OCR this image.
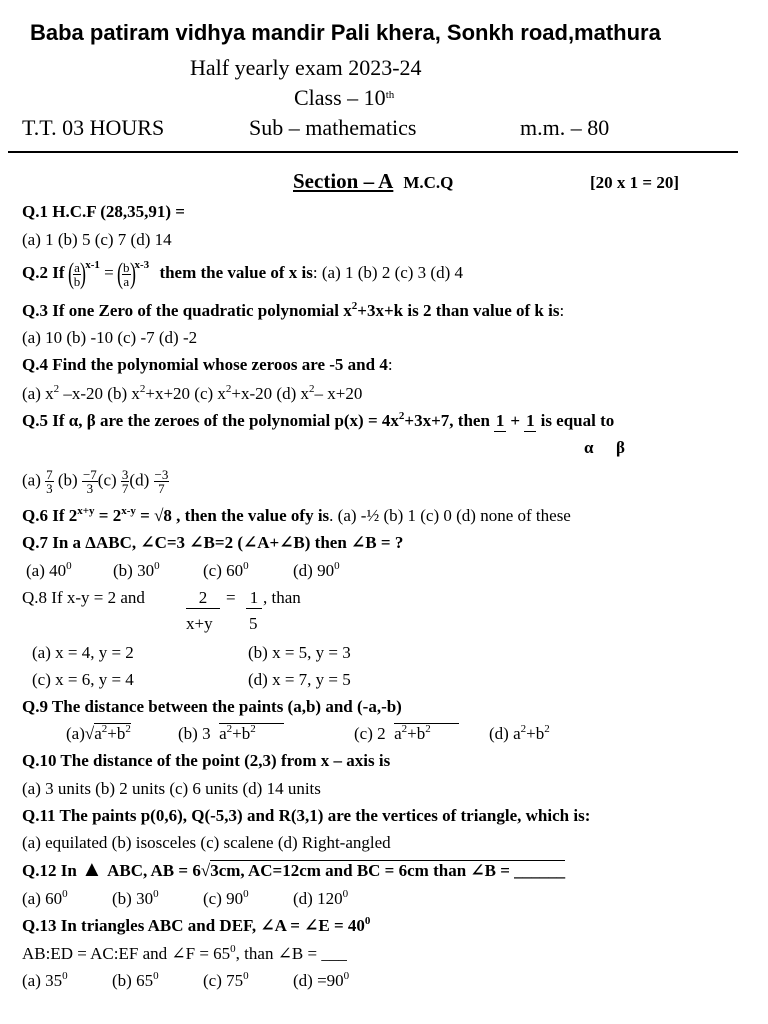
Baba patiram vidhya mandir Pali khera, Sonkh road,mathura
Half yearly exam 2023-24
Class – 10th
T.T. 03 HOURS	Sub – mathematics	m.m. – 80
Section – A M.C.Q	[20 x 1 = 20]
Q.1 H.C.F (28,35,91) =
(a) 1 (b) 5 (c) 7 (d) 14
Q.2 If ( $\frac{a}{b} )^{x-1}$ = ( $\frac{b}{a} )^{x-3}$ them the value of x is: (a) 1 (b) 2 (c) 3 (d) 4
Q.3 If one Zero of the quadratic polynomial $x^2+3x+k$ is 2 than value of k is:
(a) 10 (b) -10 (c) -7 (d) -2
Q.4 Find the polynomial whose zeroos are -5 and 4:
(a) $x^2$ –x-20 (b) $x^2+x+20$ (c) $x^2+x-20$ (d) $x^2-$ x+20
Q.5 If α, β are the zeroes of the polynomial $p(x) = 4x^2+3x+7$, then 1 + 1 is equal to
α β
$(a) \frac{7}{3} (b) \frac{-7}{3} (c) \frac{3}{7} (d) \frac{-3}{7}$
Q.6 If $2^{x+y} = 2^{x-y} = √8$ , then the value ofy is. (a) -½ (b) 1 (c) 0 (d) none of these
Q.7 In a ΔABC, ∠C=3 ∠B=2 (∠A+∠B) then ∠B = ?
(a) $40^0$ (b) $30^0$	(c) $60^0$	(d) $90^0$
Q.8 If x-y = 2 and	2	= 1 , than
x+y 5
(a) x = 4, y = 2	(b) x = 5, y = 3
(c) x = 6, y = 4	(d) x = 7, y = 5
Q.9 The distance between the paints (a,b) and (-a,-b)
$(a)√a^2+b^2$	(b) 3 $a^2+b^2$	(c) 2 $a^2+b^2$	(d) $a^2+b^2$
Q.10 The distance of the point (2,3) from x – axis is
(a) 3 units (b) 2 units (c) 6 units (d) 14 units
Q.11 The paints p(0,6), Q(-5,3) and R(3,1) are the vertices of triangle, which is:
(a) equilated (b) isosceles (c) scalene (d) Right-angled
Q.12 In ▲ ABC, AB = 6√3cm, AC=12cm and BC = 6cm than ∠B = ______
(a) $60^0$	(b) $30^0$	(c) $90^0$	(d) $120^0$
Q.13 In triangles ABC and DEF, ∠A = ∠E = $40^0$
AB:ED = AC:EF and ∠F = $65^0$, than ∠B = ___
(a) $35^0$	(b) $65^0$	(c) $75^0$	$(d) =90^0$
